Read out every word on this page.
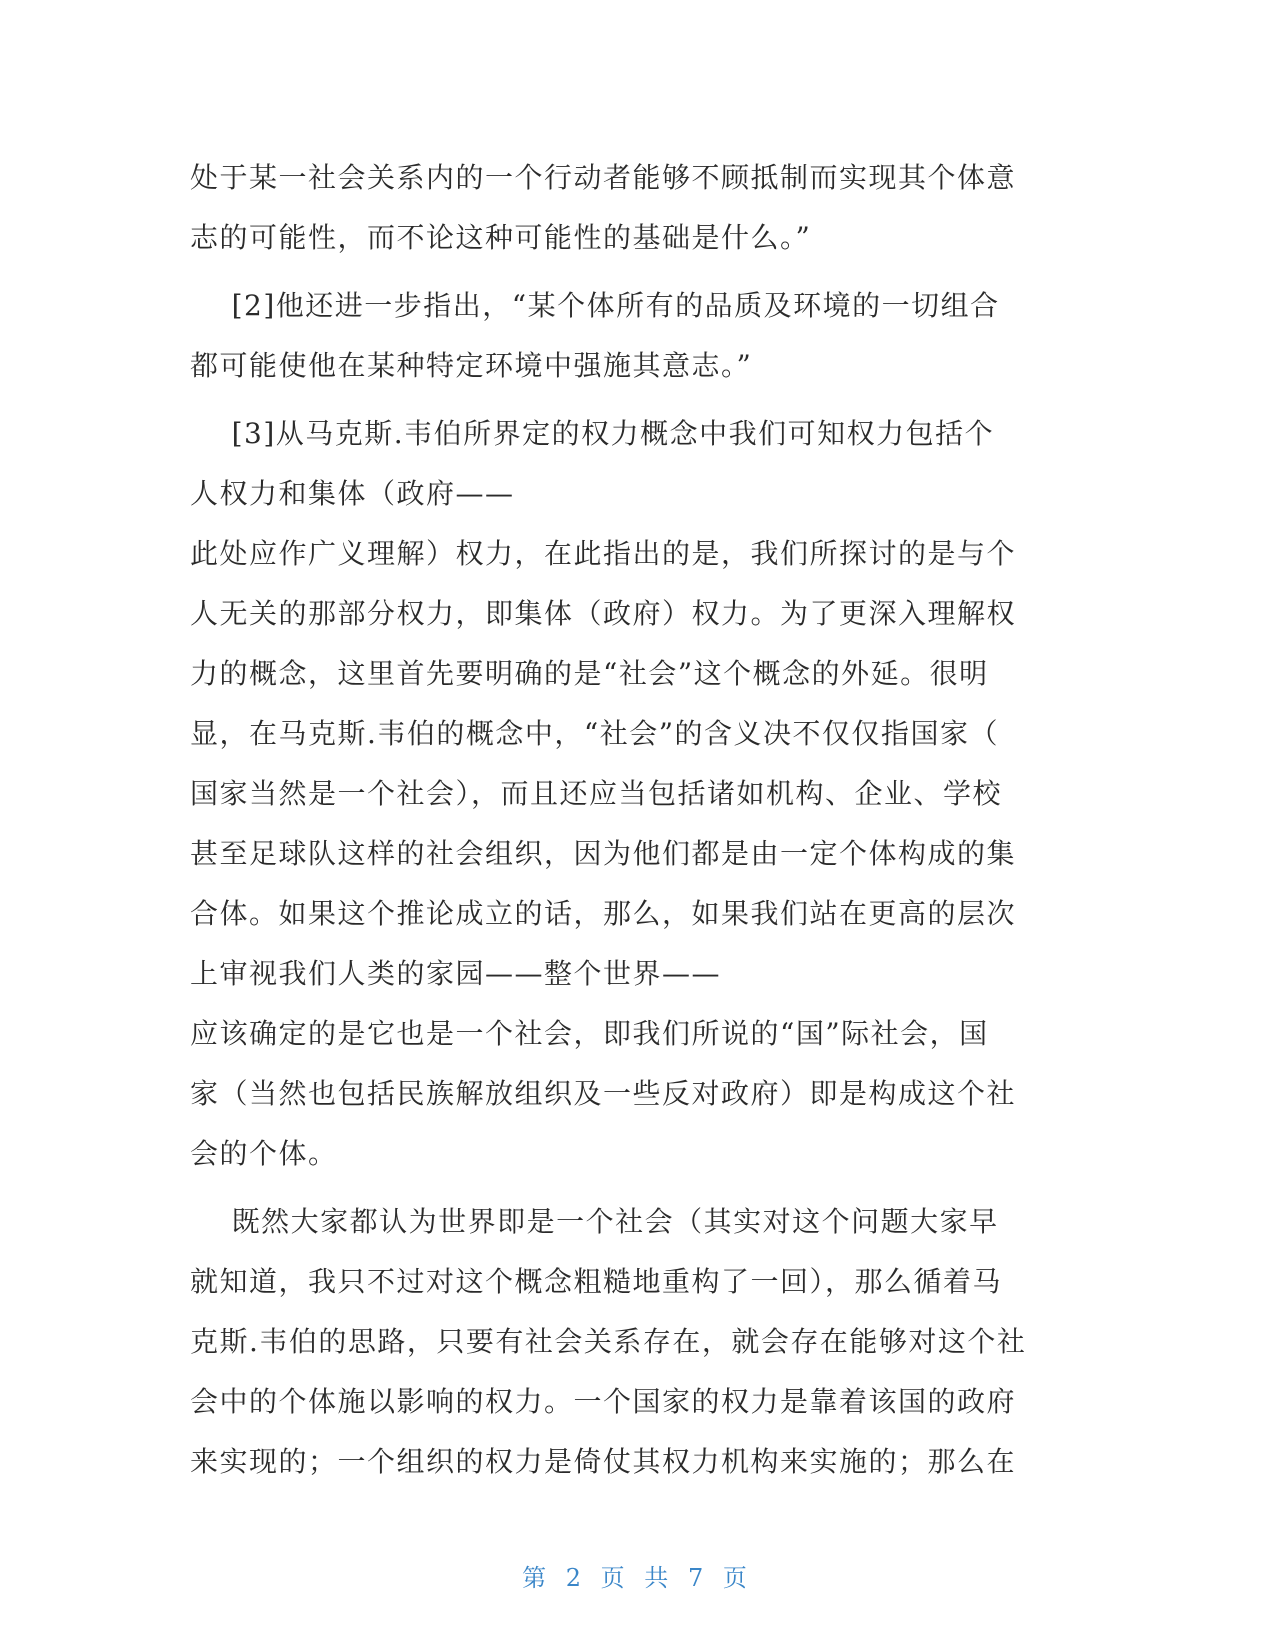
处于某一社会关系内的一个行动者能够不顾抵制而实现其个体意
志的可能性，而不论这种可能性的基础是什么。”
[2]他还进一步指出，“某个体所有的品质及环境的一切组合
都可能使他在某种特定环境中强施其意志。”
[3]从马克斯.韦伯所界定的权力概念中我们可知权力包括个
人权力和集体（政府——
此处应作广义理解）权力，在此指出的是，我们所探讨的是与个
人无关的那部分权力，即集体（政府）权力。为了更深入理解权
力的概念，这里首先要明确的是“社会”这个概念的外延。很明
显，在马克斯.韦伯的概念中，“社会”的含义决不仅仅指国家（
国家当然是一个社会），而且还应当包括诸如机构、企业、学校
甚至足球队这样的社会组织，因为他们都是由一定个体构成的集
合体。如果这个推论成立的话，那么，如果我们站在更高的层次
上审视我们人类的家园——整个世界——
应该确定的是它也是一个社会，即我们所说的“国”际社会，国
家（当然也包括民族解放组织及一些反对政府）即是构成这个社
会的个体。
既然大家都认为世界即是一个社会（其实对这个问题大家早
就知道，我只不过对这个概念粗糙地重构了一回），那么循着马
克斯.韦伯的思路，只要有社会关系存在，就会存在能够对这个社
会中的个体施以影响的权力。一个国家的权力是靠着该国的政府
来实现的；一个组织的权力是倚仗其权力机构来实施的；那么在
第 2 页 共 7 页
